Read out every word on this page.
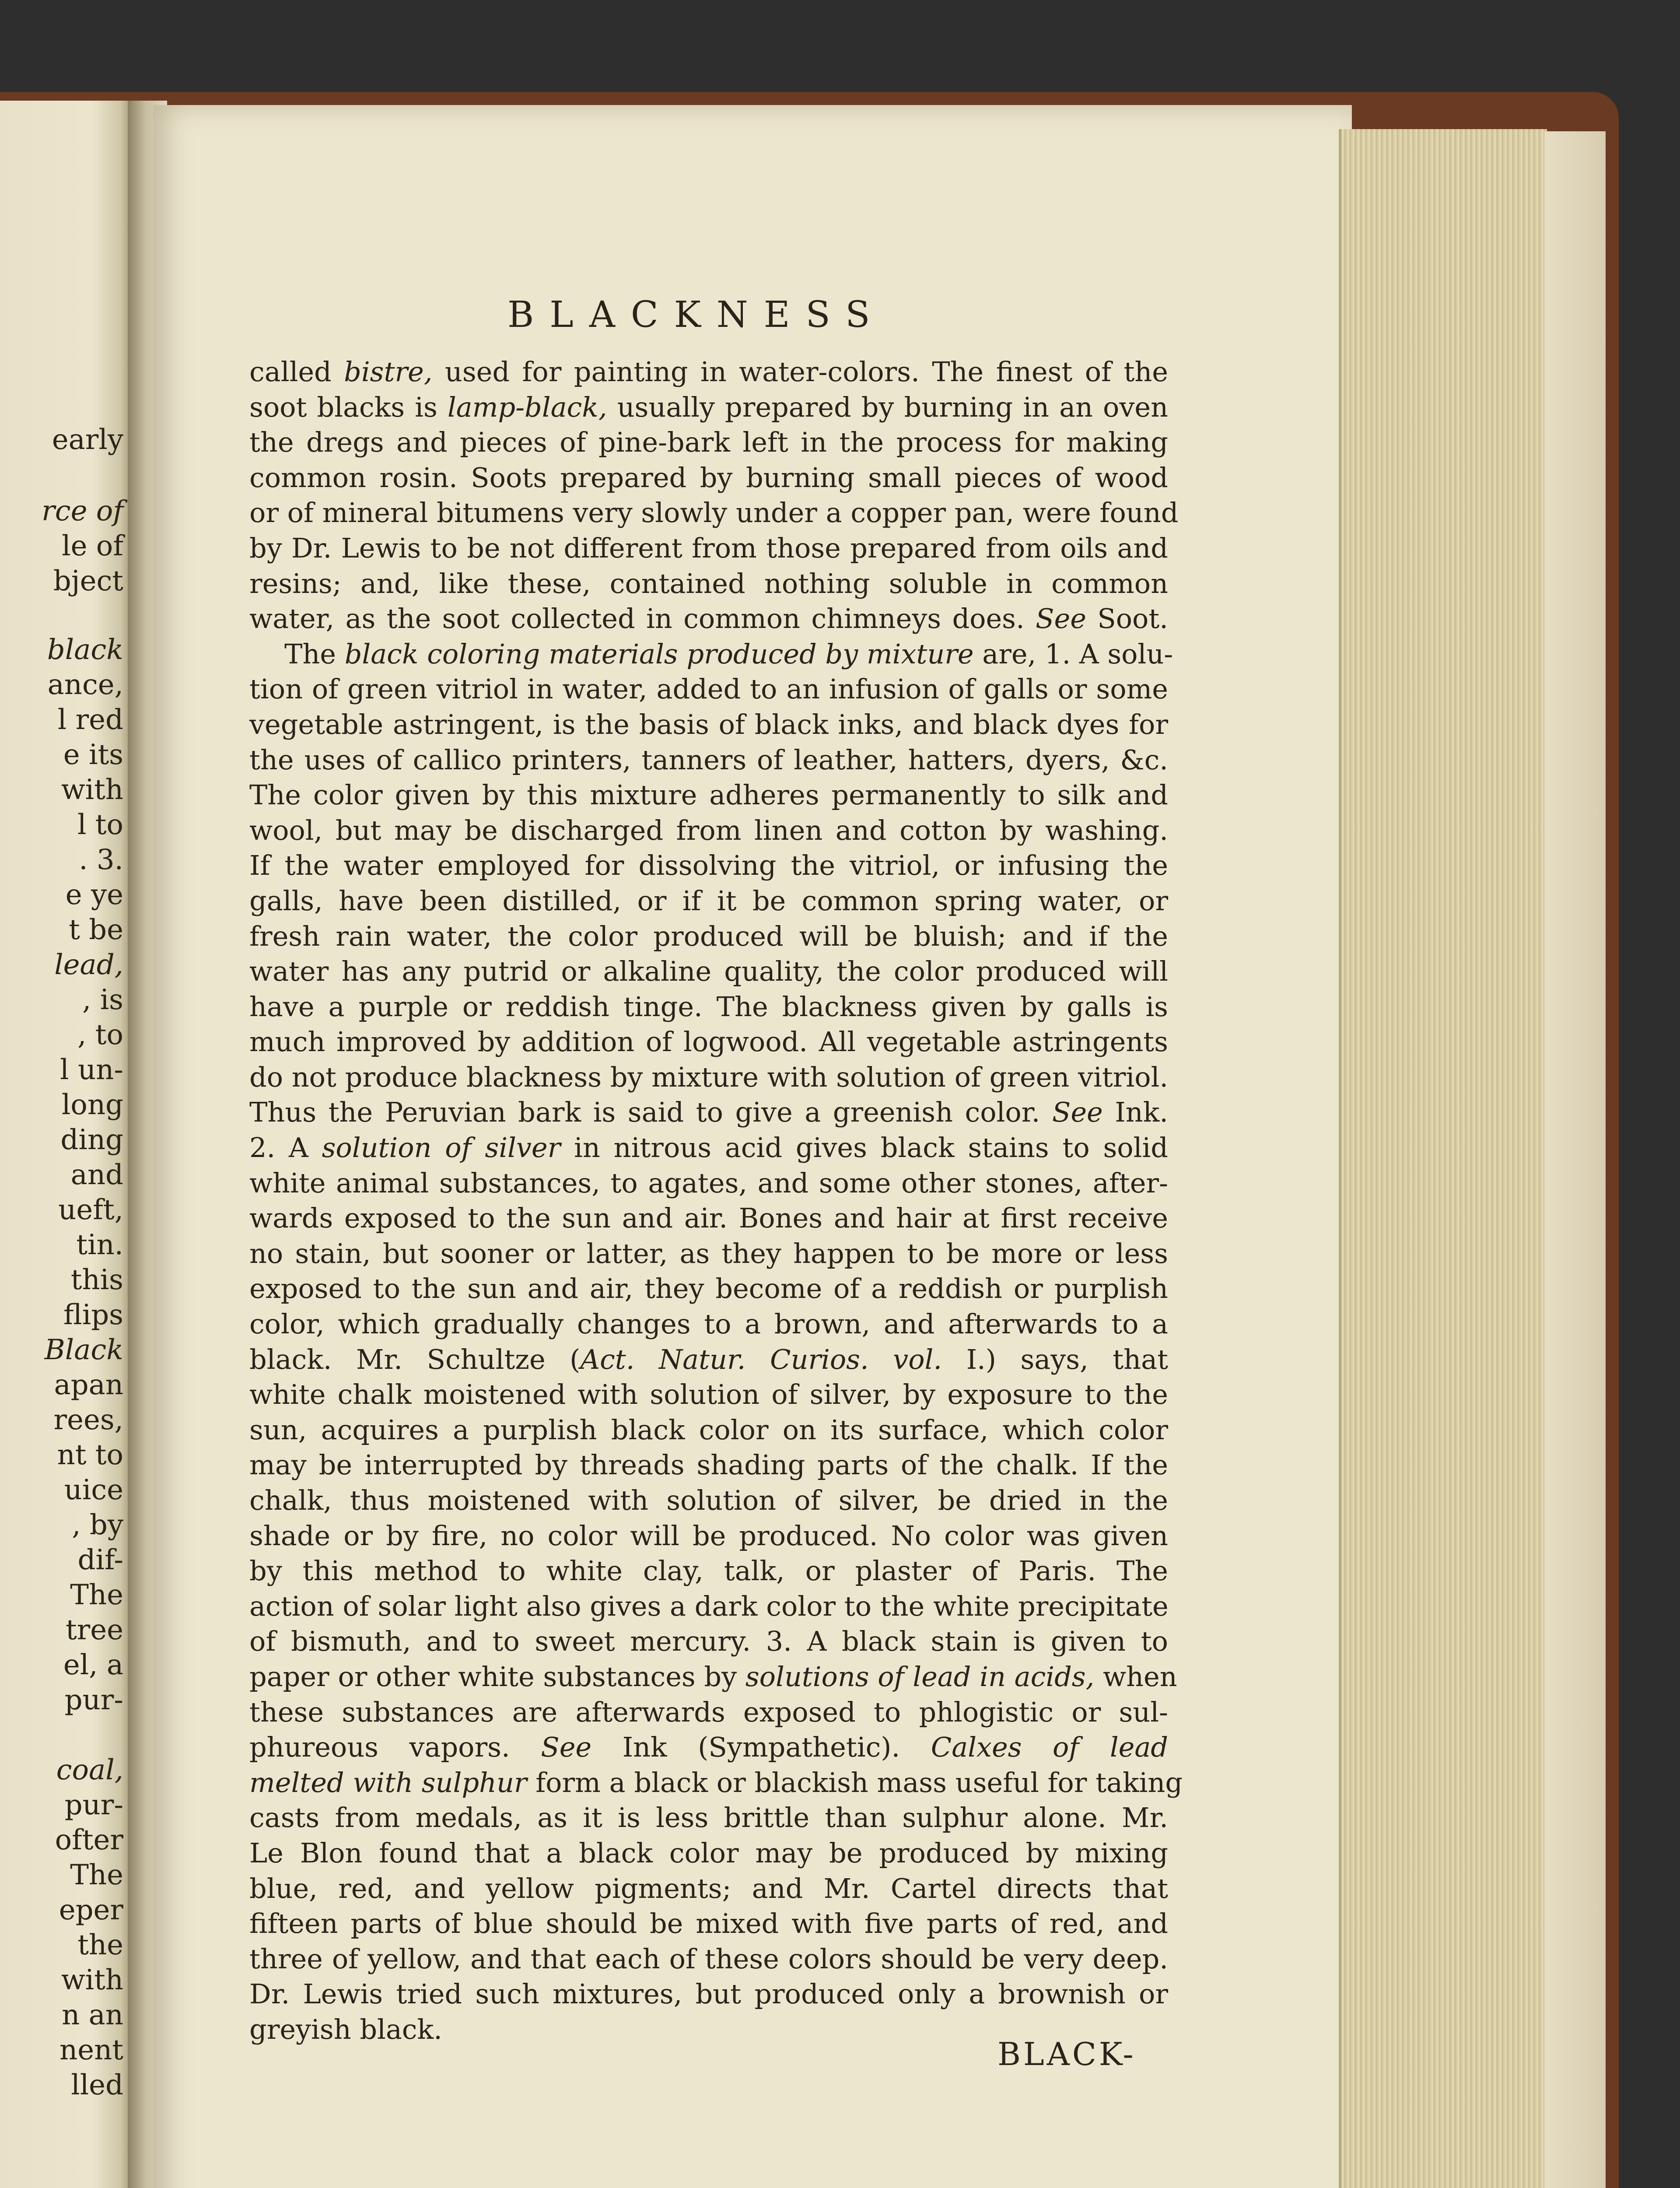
early
rce of
le of
bject
black
ance,
l red
e its
with
l to
. 3.
e ye
t be
lead,
, is
, to
l un-
long
ding
and
ueft,
tin.
this
flips
Black
apan
rees,
nt to
uice
, by
dif-
The
tree
el, a
pur-
coal,
pur-
ofter
The
eper
the
with
n an
nent
lled
BLACKNESS
called bistre, used for painting in water-colors. The finest of the
soot blacks is lamp-black, usually prepared by burning in an oven
the dregs and pieces of pine-bark left in the process for making
common rosin. Soots prepared by burning small pieces of wood
or of mineral bitumens very slowly under a copper pan, were found
by Dr. Lewis to be not different from those prepared from oils and
resins; and, like these, contained nothing soluble in common
water, as the soot collected in common chimneys does. See Soot.
The black coloring materials produced by mixture are, 1. A solu-
tion of green vitriol in water, added to an infusion of galls or some
vegetable astringent, is the basis of black inks, and black dyes for
the uses of callico printers, tanners of leather, hatters, dyers, &c.
The color given by this mixture adheres permanently to silk and
wool, but may be discharged from linen and cotton by washing.
If the water employed for dissolving the vitriol, or infusing the
galls, have been distilled, or if it be common spring water, or
fresh rain water, the color produced will be bluish; and if the
water has any putrid or alkaline quality, the color produced will
have a purple or reddish tinge. The blackness given by galls is
much improved by addition of logwood. All vegetable astringents
do not produce blackness by mixture with solution of green vitriol.
Thus the Peruvian bark is said to give a greenish color. See Ink.
2. A solution of silver in nitrous acid gives black stains to solid
white animal substances, to agates, and some other stones, after-
wards exposed to the sun and air. Bones and hair at first receive
no stain, but sooner or latter, as they happen to be more or less
exposed to the sun and air, they become of a reddish or purplish
color, which gradually changes to a brown, and afterwards to a
black. Mr. Schultze (Act. Natur. Curios. vol. I.) says, that
white chalk moistened with solution of silver, by exposure to the
sun, acquires a purplish black color on its surface, which color
may be interrupted by threads shading parts of the chalk. If the
chalk, thus moistened with solution of silver, be dried in the
shade or by fire, no color will be produced. No color was given
by this method to white clay, talk, or plaster of Paris. The
action of solar light also gives a dark color to the white precipitate
of bismuth, and to sweet mercury. 3. A black stain is given to
paper or other white substances by solutions of lead in acids, when
these substances are afterwards exposed to phlogistic or sul-
phureous vapors. See Ink (Sympathetic). Calxes of lead
melted with sulphur form a black or blackish mass useful for taking
casts from medals, as it is less brittle than sulphur alone. Mr.
Le Blon found that a black color may be produced by mixing
blue, red, and yellow pigments; and Mr. Cartel directs that
fifteen parts of blue should be mixed with five parts of red, and
three of yellow, and that each of these colors should be very deep.
Dr. Lewis tried such mixtures, but produced only a brownish or
greyish black.
BLACK-
